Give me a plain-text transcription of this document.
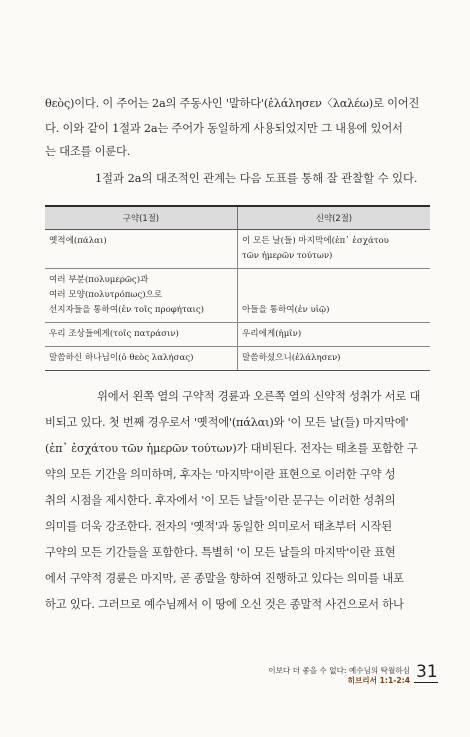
θεὸς)이다. 이 주어는 2a의 주동사인 '말하다'(ἐλάλησεν〈λαλέω)로 이어진
다. 이와 같이 1절과 2a는 주어가 동일하게 사용되었지만 그 내용에 있어서
는 대조를 이룬다.
1절과 2a의 대조적인 관계는 다음 도표를 통해 잘 관찰할 수 있다.
구약(1절)	신약(2절)
옛적에(πάλαι)	이 모든 날(들) 마지막에(ἐπ᾽ ἐσχάτου
τῶν ἡμερῶν τούτων)
여러 부분(πολυμερῶς)과
여러 모양(πολυτρόπως)으로
선지자들을 통하여(ἐν τοῖς προφήταις)	아들을 통하여(ἐν υἱῷ)
우리 조상들에게(τοῖς πατράσιν)	우리에게(ἡμῖν)
말씀하신 하나님이(ὁ θεὸς λαλήσας)	말씀하셨으니(ἐλάλησεν)
위에서 왼쪽 열의 구약적 경륜과 오른쪽 열의 신약적 성취가 서로 대
비되고 있다. 첫 번째 경우로서 '옛적에'(πάλαι)와 '이 모든 날(들) 마지막에'
(ἐπ᾽ ἐσχάτου τῶν ἡμερῶν τούτων)가 대비된다. 전자는 태초를 포함한 구
약의 모든 기간을 의미하며, 후자는 '마지막'이란 표현으로 이러한 구약 성
취의 시점을 제시한다. 후자에서 '이 모든 날들'이란 문구는 이러한 성취의
의미를 더욱 강조한다. 전자의 '옛적'과 동일한 의미로서 태초부터 시작된
구약의 모든 기간들을 포함한다. 특별히 '이 모든 날들의 마지막'이란 표현
에서 구약적 경륜은 마지막, 곧 종말을 향하여 진행하고 있다는 의미를 내포
하고 있다. 그러므로 예수님께서 이 땅에 오신 것은 종말적 사건으로서 하나
이보다 더 좋을 수 없다: 예수님의 탁월하심
히브리서 1:1-2:4 31
